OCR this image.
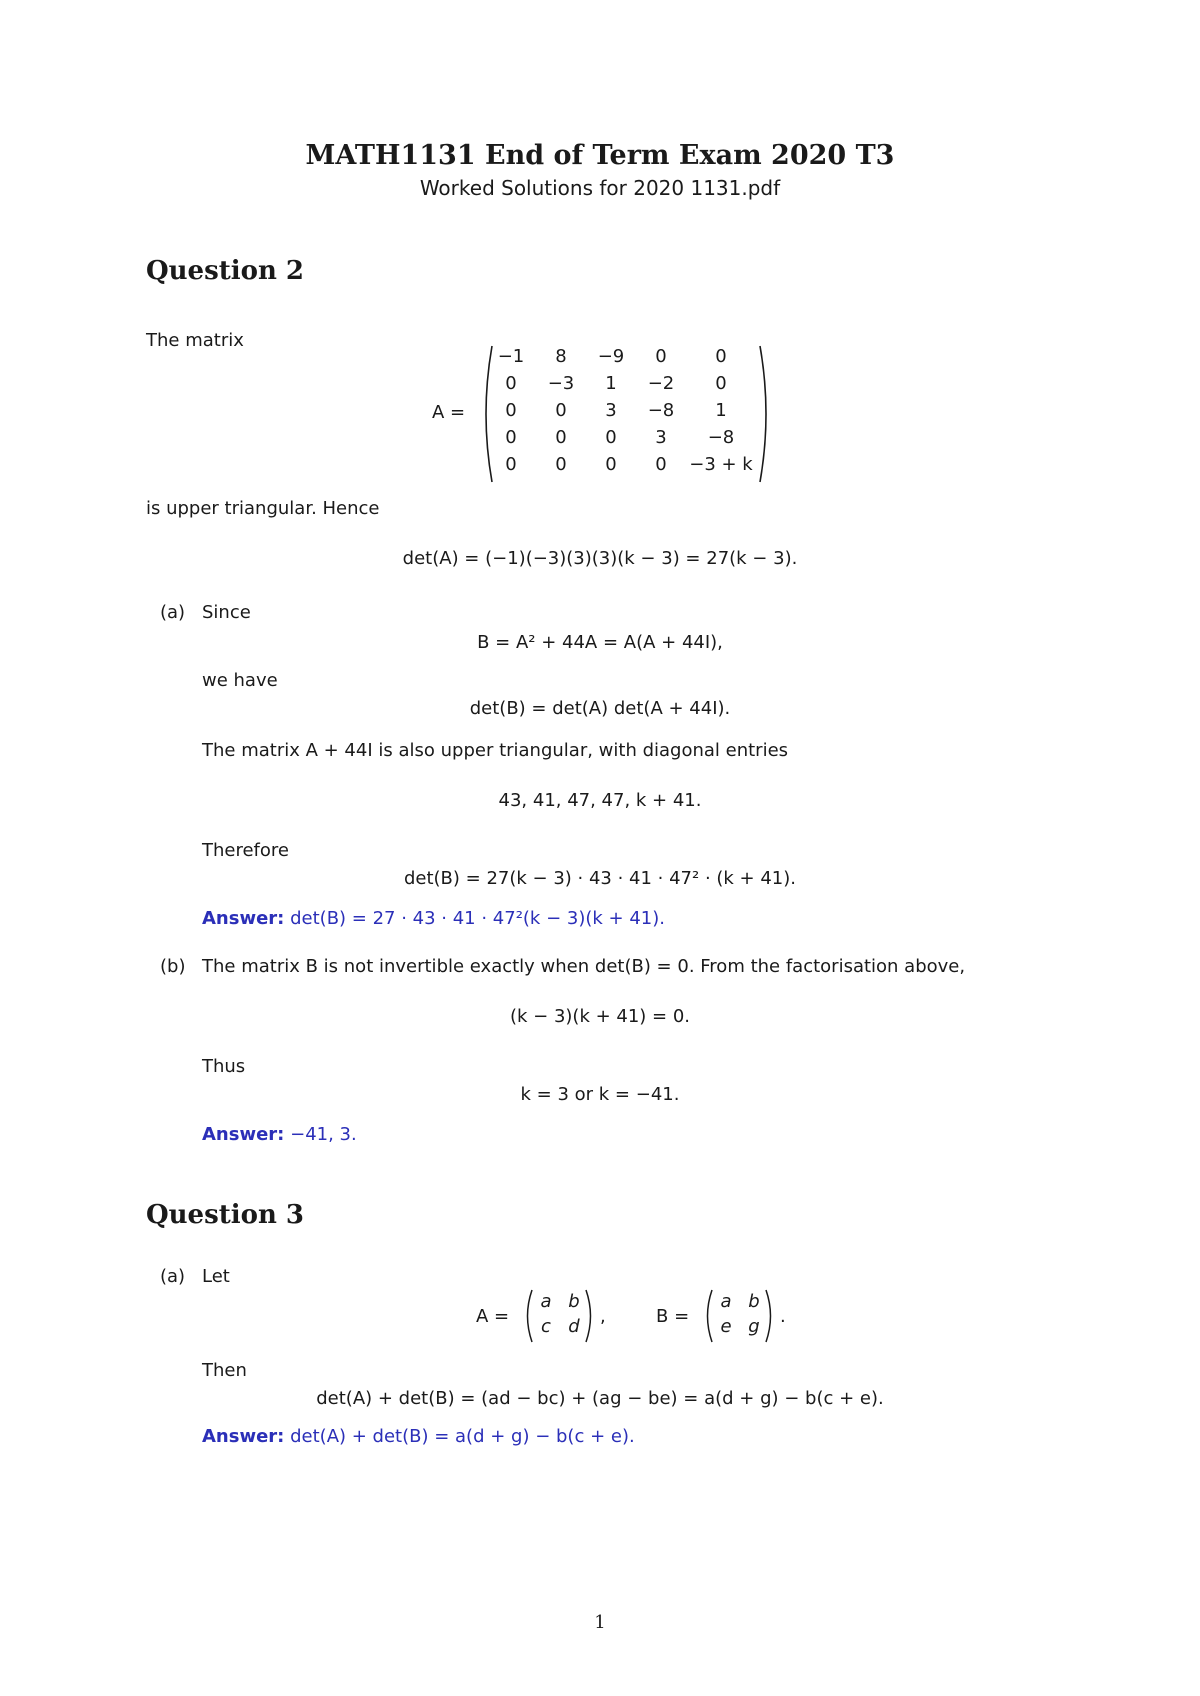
MATH1131 End of Term Exam 2020 T3
Worked Solutions for 2020 1131.pdf
Question 2
The matrix
A =
−1	8	−9	0	0
0	−3	1	−2	0
0	0	3	−8	1
0	0	0	3	−8
0	0	0	0	−3 + k
is upper triangular. Hence
det(A) = (−1)(−3)(3)(3)(k − 3) = 27(k − 3).
(a) Since
B = A² + 44A = A(A + 44I),
we have
det(B) = det(A) det(A + 44I).
The matrix A + 44I is also upper triangular, with diagonal entries
43, 41, 47, 47, k + 41.
Therefore
det(B) = 27(k − 3) · 43 · 41 · 47² · (k + 41).
Answer: det(B) = 27 · 43 · 41 · 47²(k − 3)(k + 41).
(b) The matrix B is not invertible exactly when det(B) = 0. From the factorisation above,
(k − 3)(k + 41) = 0.
Thus
k = 3 or k = −41.
Answer: −41, 3.
Question 3
(a) Let
A =
a b
c d	,	B =
a b
e g	.
Then
det(A) + det(B) = (ad − bc) + (ag − be) = a(d + g) − b(c + e).
Answer: det(A) + det(B) = a(d + g) − b(c + e).
1
